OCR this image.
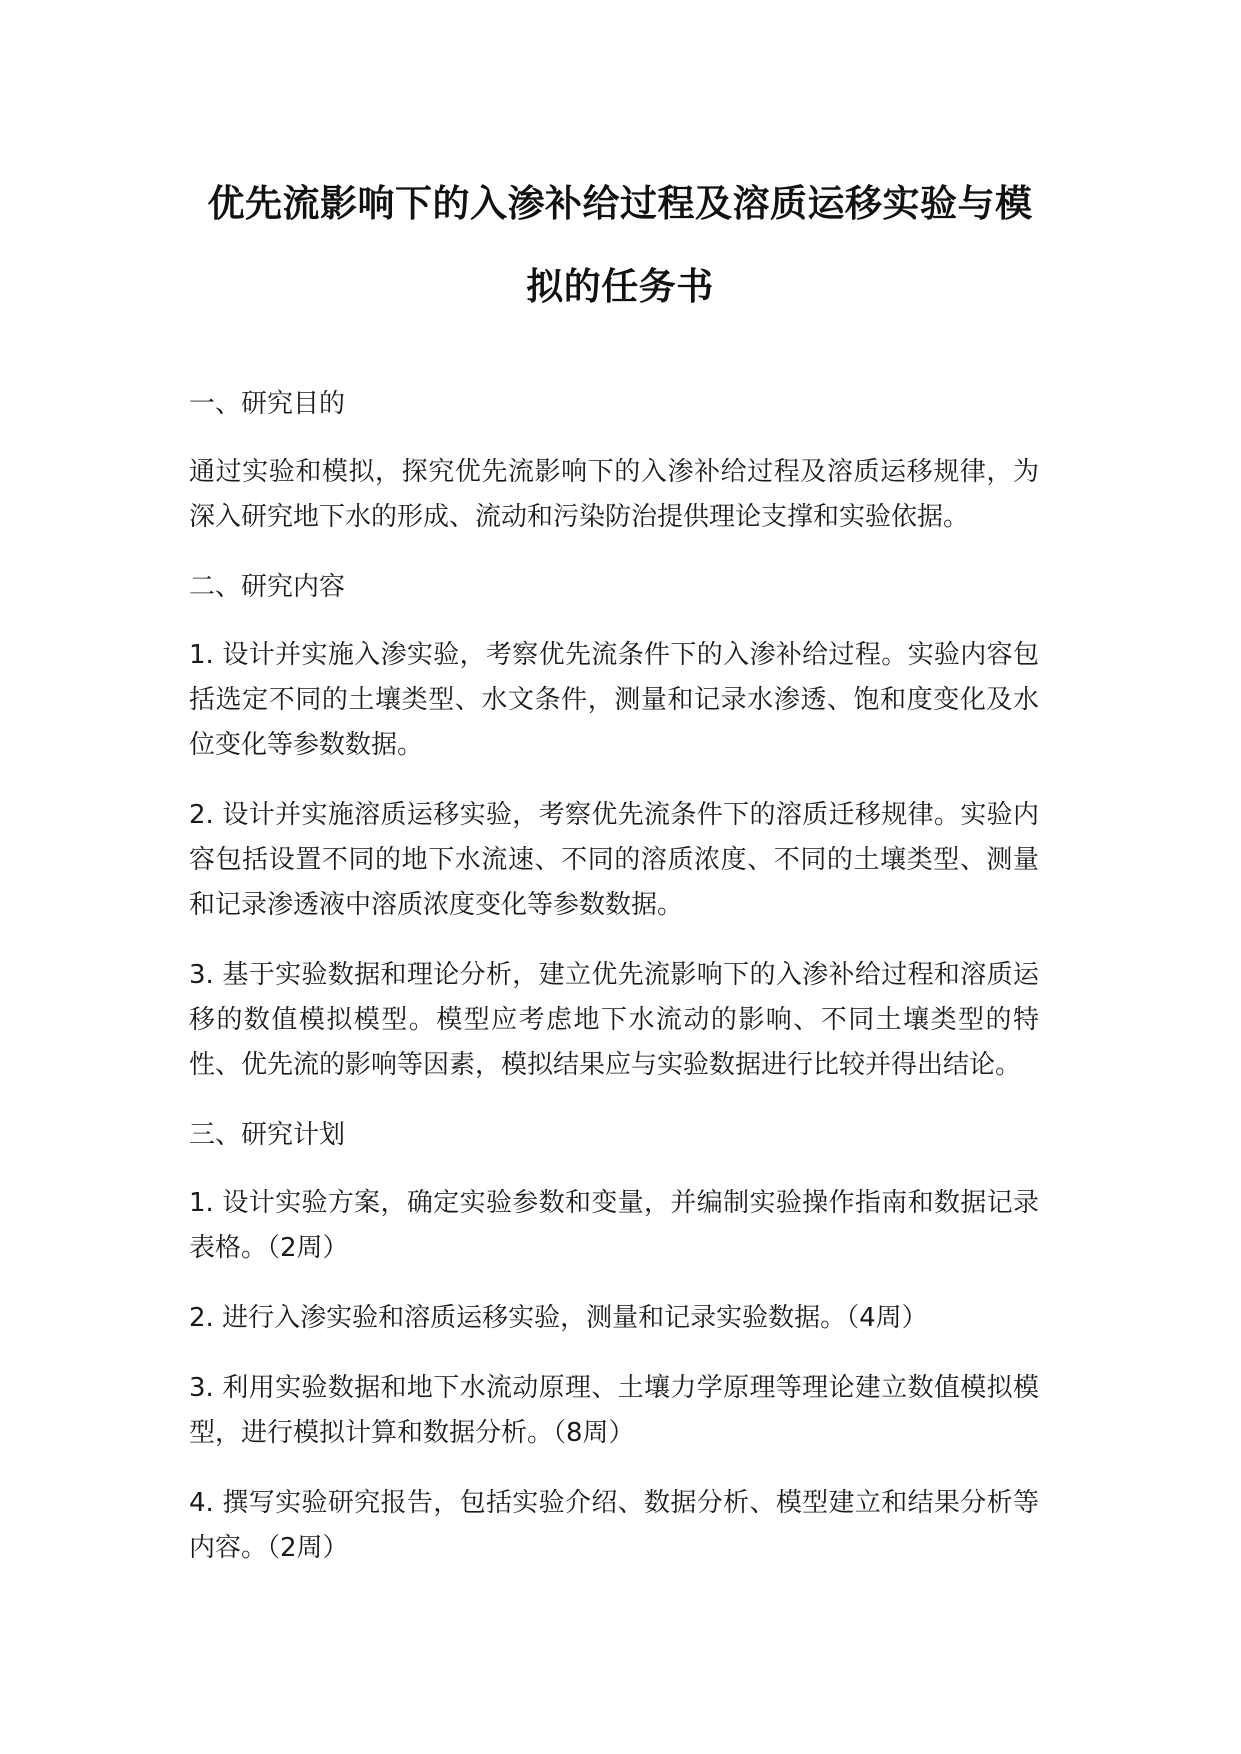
优先流影响下的入渗补给过程及溶质运移实验与模
拟的任务书
一、研究目的
通过实验和模拟，探究优先流影响下的入渗补给过程及溶质运移规律，为深入研究地下水的形成、流动和污染防治提供理论支撑和实验依据。
二、研究内容
1. 设计并实施入渗实验，考察优先流条件下的入渗补给过程。实验内容包括选定不同的土壤类型、水文条件，测量和记录水渗透、饱和度变化及水位变化等参数数据。
2. 设计并实施溶质运移实验，考察优先流条件下的溶质迁移规律。实验内容包括设置不同的地下水流速、不同的溶质浓度、不同的土壤类型、测量和记录渗透液中溶质浓度变化等参数数据。
3. 基于实验数据和理论分析，建立优先流影响下的入渗补给过程和溶质运移的数值模拟模型。模型应考虑地下水流动的影响、不同土壤类型的特性、优先流的影响等因素，模拟结果应与实验数据进行比较并得出结论。
三、研究计划
1. 设计实验方案，确定实验参数和变量，并编制实验操作指南和数据记录表格。（2周）
2. 进行入渗实验和溶质运移实验，测量和记录实验数据。（4周）
3. 利用实验数据和地下水流动原理、土壤力学原理等理论建立数值模拟模型，进行模拟计算和数据分析。（8周）
4. 撰写实验研究报告，包括实验介绍、数据分析、模型建立和结果分析等内容。（2周）
